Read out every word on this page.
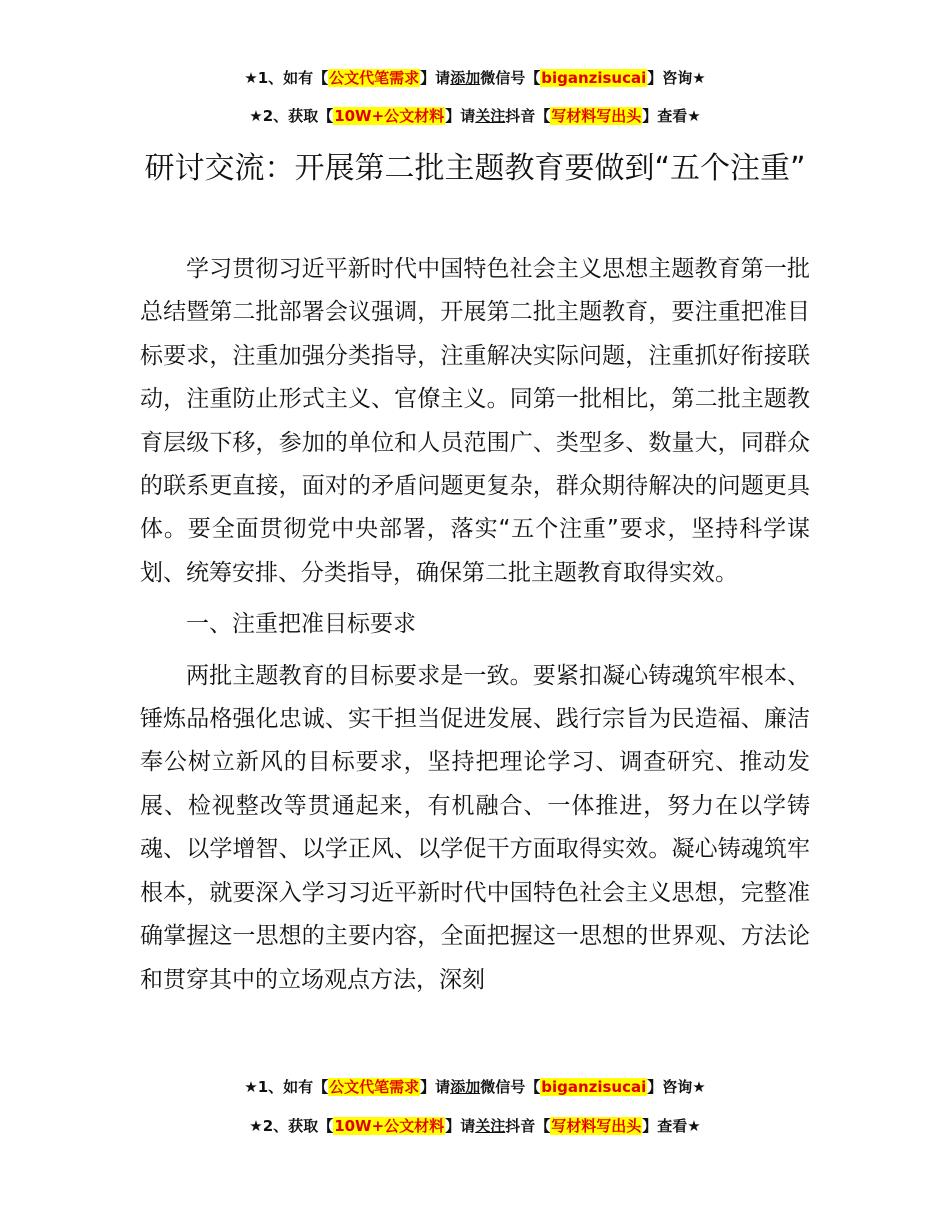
★1、如有【公文代笔需求】请添加微信号【biganzisucai】咨询★
★2、获取【10W+公文材料】请关注抖音【写材料写出头】查看★
研讨交流：开展第二批主题教育要做到“五个注重”

学习贯彻习近平新时代中国特色社会主义思想主题教育第一批总结暨第二批部署会议强调，开展第二批主题教育，要注重把准目标要求，注重加强分类指导，注重解决实际问题，注重抓好衔接联动，注重防止形式主义、官僚主义。同第一批相比，第二批主题教育层级下移，参加的单位和人员范围广、类型多、数量大，同群众的联系更直接，面对的矛盾问题更复杂，群众期待解决的问题更具体。要全面贯彻党中央部署，落实“五个注重”要求，坚持科学谋划、统筹安排、分类指导，确保第二批主题教育取得实效。

一、注重把准目标要求

两批主题教育的目标要求是一致。要紧扣凝心铸魂筑牢根本、锤炼品格强化忠诚、实干担当促进发展、践行宗旨为民造福、廉洁奉公树立新风的目标要求，坚持把理论学习、调查研究、推动发展、检视整改等贯通起来，有机融合、一体推进，努力在以学铸魂、以学增智、以学正风、以学促干方面取得实效。凝心铸魂筑牢根本，就要深入学习习近平新时代中国特色社会主义思想，完整准确掌握这一思想的主要内容，全面把握这一思想的世界观、方法论和贯穿其中的立场观点方法，深刻

★1、如有【公文代笔需求】请添加微信号【biganzisucai】咨询★
★2、获取【10W+公文材料】请关注抖音【写材料写出头】查看★
